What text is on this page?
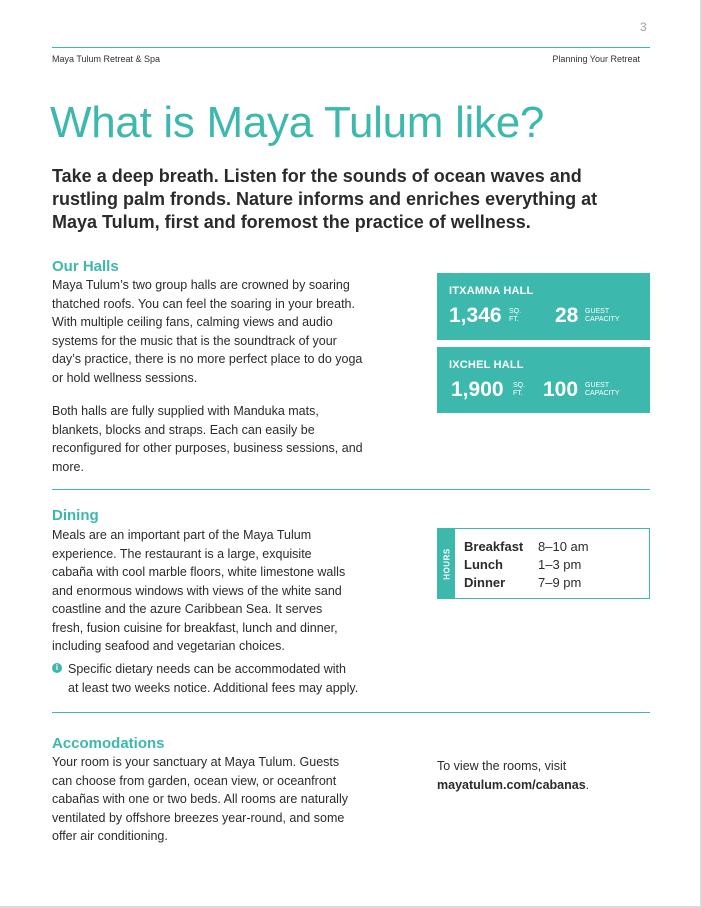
3
Maya Tulum Retreat & Spa	Planning Your Retreat
What is Maya Tulum like?

Take a deep breath. Listen for the sounds of ocean waves and rustling palm fronds. Nature informs and enriches everything at Maya Tulum, first and foremost the practice of wellness.

Our Halls
Maya Tulum’s two group halls are crowned by soaring
thatched roofs. You can feel the soaring in your breath.
With multiple ceiling fans, calming views and audio
systems for the music that is the soundtrack of your
day’s practice, there is no more perfect place to do yoga
or hold wellness sessions.
Both halls are fully supplied with Manduka mats,
blankets, blocks and straps. Each can easily be
reconfigured for other purposes, business sessions, and
more.
ITXAMNA HALL
1,346 SQ.
FT. 28 GUEST
CAPACITY
IXCHEL HALL
1,900 SQ.
FT. 100 GUEST
CAPACITY
Dining
Meals are an important part of the Maya Tulum
experience. The restaurant is a large, exquisite
cabaña with cool marble floors, white limestone walls
and enormous windows with views of the white sand
coastline and the azure Caribbean Sea. It serves
fresh, fusion cuisine for breakfast, lunch and dinner,
including seafood and vegetarian choices.
i Specific dietary needs can be accommodated with
at least two weeks notice. Additional fees may apply.
HOURS
Breakfast 8–10 am
Lunch	1–3 pm
Dinner	7–9 pm
Accomodations
Your room is your sanctuary at Maya Tulum. Guests
can choose from garden, ocean view, or oceanfront
cabañas with one or two beds. All rooms are naturally
ventilated by offshore breezes year-round, and some
offer air conditioning.
To view the rooms, visit
mayatulum.com/cabanas.
